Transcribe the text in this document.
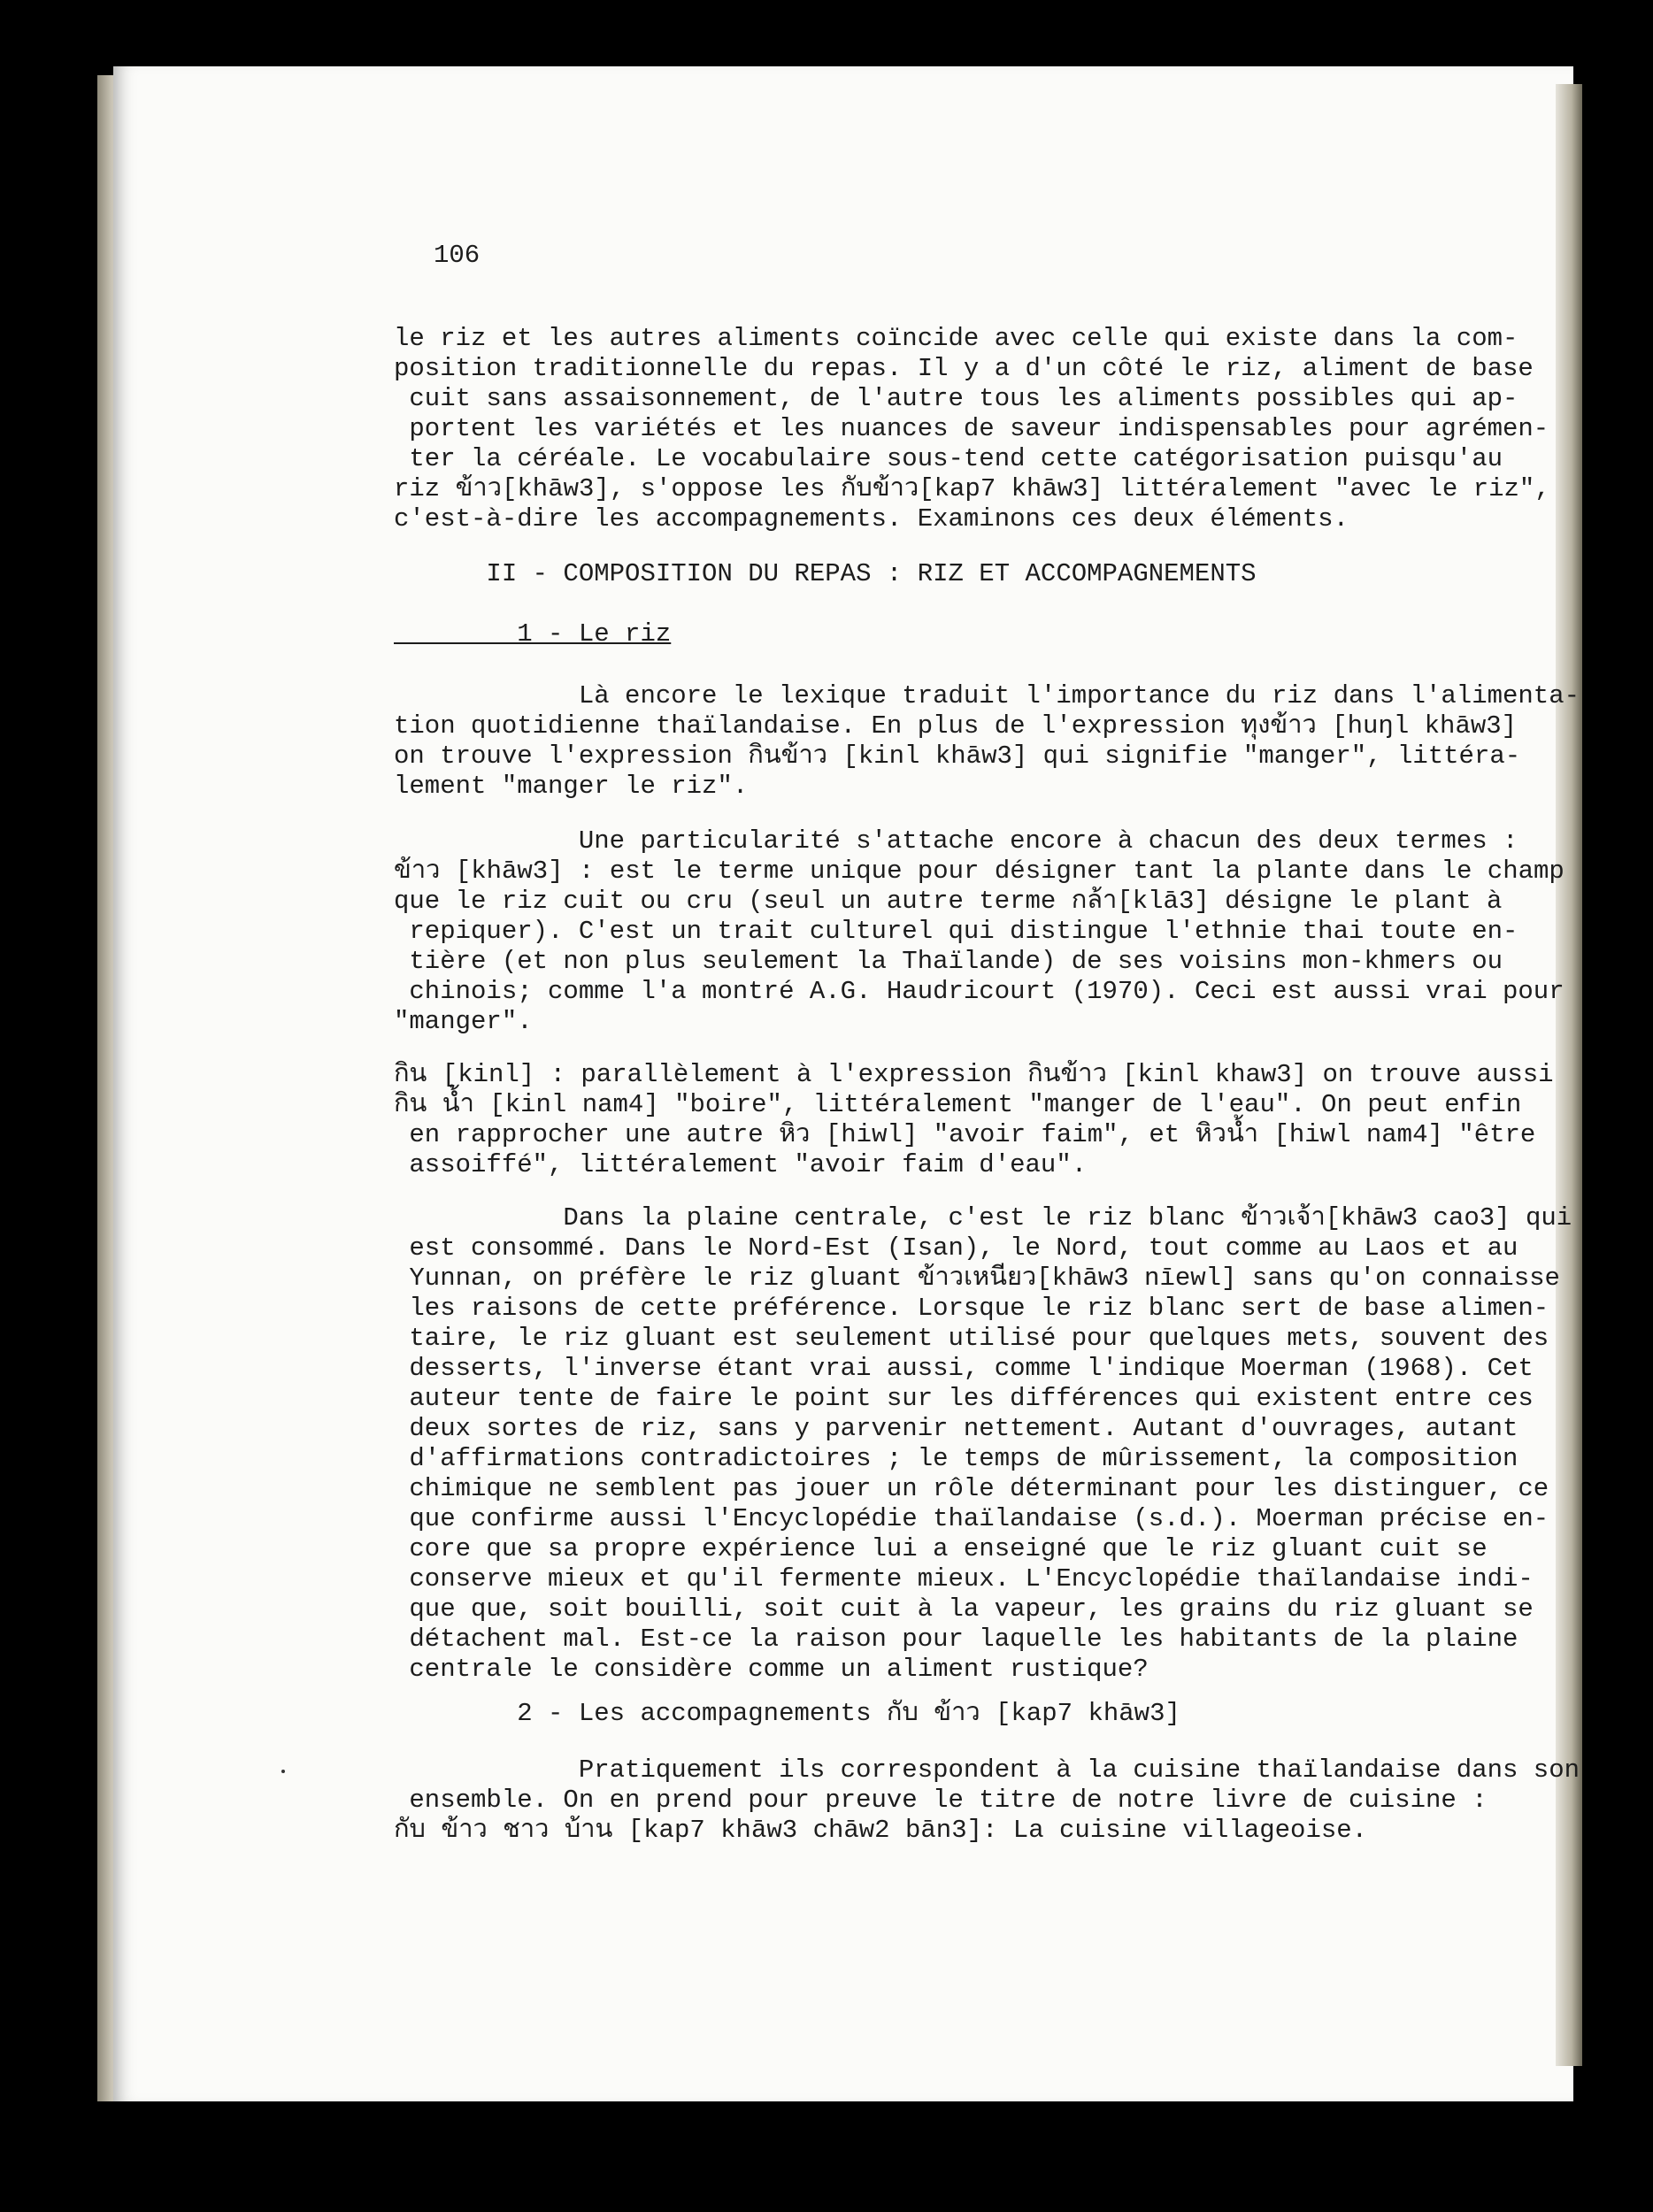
106
le riz et les autres aliments coïncide avec celle qui existe dans la com-
position traditionnelle du repas. Il y a d'un côté le riz, aliment de base
cuit sans assaisonnement, de l'autre tous les aliments possibles qui ap-
portent les variétés et les nuances de saveur indispensables pour agrémen-
ter la céréale. Le vocabulaire sous-tend cette catégorisation puisqu'au
riz ข้าว[khāw3], s'oppose les กับข้าว[kap7 khāw3] littéralement "avec le riz",
c'est-à-dire les accompagnements. Examinons ces deux éléments.
II - COMPOSITION DU REPAS : RIZ ET ACCOMPAGNEMENTS
1 - Le riz
Là encore le lexique traduit l'importance du riz dans l'alimenta-
tion quotidienne thaïlandaise. En plus de l'expression ทุงข้าว [huŋl khāw3]
on trouve l'expression กินข้าว [kinl khāw3] qui signifie "manger", littéra-
lement "manger le riz".
Une particularité s'attache encore à chacun des deux termes :
ข้าว [khāw3] : est le terme unique pour désigner tant la plante dans le champ
que le riz cuit ou cru (seul un autre terme กล้า[klā3] désigne le plant à
repiquer). C'est un trait culturel qui distingue l'ethnie thai toute en-
tière (et non plus seulement la Thaïlande) de ses voisins mon-khmers ou
chinois; comme l'a montré A.G. Haudricourt (1970). Ceci est aussi vrai pour
"manger".
กิน [kinl] : parallèlement à l'expression กินข้าว [kinl khaw3] on trouve aussi
กิน น้ำ [kinl nam4] "boire", littéralement "manger de l'eau". On peut enfin
en rapprocher une autre หิว [hiwl] "avoir faim", et หิวน้ำ [hiwl nam4] "être
assoiffé", littéralement "avoir faim d'eau".
Dans la plaine centrale, c'est le riz blanc ข้าวเจ้า[khāw3 cao3] qui
est consommé. Dans le Nord-Est (Isan), le Nord, tout comme au Laos et au
Yunnan, on préfère le riz gluant ข้าวเหนียว[khāw3 nīewl] sans qu'on connaisse
les raisons de cette préférence. Lorsque le riz blanc sert de base alimen-
taire, le riz gluant est seulement utilisé pour quelques mets, souvent des
desserts, l'inverse étant vrai aussi, comme l'indique Moerman (1968). Cet
auteur tente de faire le point sur les différences qui existent entre ces
deux sortes de riz, sans y parvenir nettement. Autant d'ouvrages, autant
d'affirmations contradictoires ; le temps de mûrissement, la composition
chimique ne semblent pas jouer un rôle déterminant pour les distinguer, ce
que confirme aussi l'Encyclopédie thaïlandaise (s.d.). Moerman précise en-
core que sa propre expérience lui a enseigné que le riz gluant cuit se
conserve mieux et qu'il fermente mieux. L'Encyclopédie thaïlandaise indi-
que que, soit bouilli, soit cuit à la vapeur, les grains du riz gluant se
détachent mal. Est-ce la raison pour laquelle les habitants de la plaine
centrale le considère comme un aliment rustique?
2 - Les accompagnements กับ ข้าว [kap7 khāw3]
Pratiquement ils correspondent à la cuisine thaïlandaise dans son
ensemble. On en prend pour preuve le titre de notre livre de cuisine :
กับ ข้าว ชาว บ้าน [kap7 khāw3 chāw2 bān3]: La cuisine villageoise.
